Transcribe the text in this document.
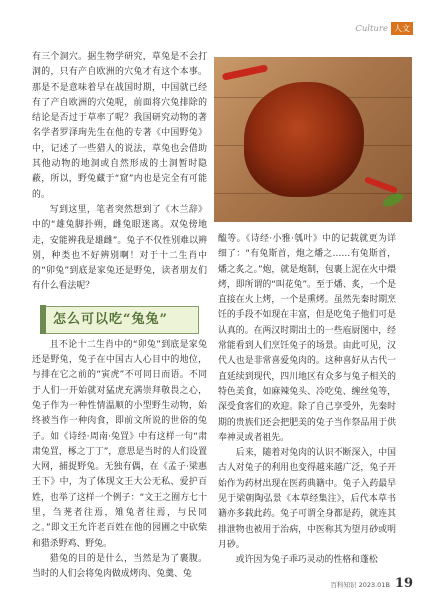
Culture 人文

有三个洞穴。据生物学研究，草兔是不会打洞的，只有产自欧洲的穴兔才有这个本事。那是不是意味着早在战国时期，中国就已经有了产自欧洲的穴兔呢，前面将穴兔排除的结论是否过于草率了呢？我国研究动物的著名学者罗泽珣先生在他的专著《中国野兔》中，记述了一些猎人的说法，草兔也会借助其他动物的地洞或自然形成的土洞暂时隐蔽，所以，野兔藏于“窟”内也是完全有可能的。

写到这里，笔者突然想到了《木兰辞》中的“雄兔脚扑朔，雌兔眼迷离。双兔傍地走，安能辨我是雄雌”。兔子不仅性别难以辨别，种类也不好辨别啊！对于十二生肖中的“卯兔”到底是家兔还是野兔，读者朋友们有什么看法呢？

怎么可以吃“兔兔”

且不论十二生肖中的“卯兔”到底是家兔还是野兔，兔子在中国古人心目中的地位，与排在它之前的“寅虎”不可同日而语。不同于人们一开始就对猛虎充满崇拜敬畏之心，兔子作为一种性情温顺的小型野生动物，始终被当作一种肉食，即前文所说的世俗的兔子。如《诗经·周南·兔罝》中有这样一句“肃肃兔罝，椓之丁丁”，意思是当时的人们设置大网，捕捉野兔。无独有偶，在《孟子·梁惠王下》中，为了体现文王大公无私、爱护百姓，也举了这样一个例子：“文王之囿方七十里，刍荛者往焉，雉兔者往焉，与民同之。”即文王允许老百姓在他的园圃之中砍柴和猎杀野鸡、野兔。

猎兔的目的是什么，当然是为了裹腹。当时的人们会将兔肉做成烤肉、兔羹、兔

醢等。《诗经·小雅·瓠叶》中的记载就更为详细了：“有兔斯首，炮之燔之……有兔斯首，燔之炙之。”炮，就是炮制，包裹上泥在火中煨烤，即所谓的“叫花兔”。至于燔、炙，一个是直接在火上烤，一个是熏烤。虽然先秦时期烹饪的手段不如现在丰富，但是吃兔子他们可是认真的。在两汉时期出土的一些庖厨图中，经常能看到人们烹饪兔子的场景。由此可见，汉代人也是非常喜爱兔肉的。这种喜好从古代一直延续到现代，四川地区有众多与兔子相关的特色美食，如麻辣兔头、冷吃兔、缠丝兔等，深受食客们的欢迎。除了自己享受外，先秦时期的贵族们还会把肥美的兔子当作祭品用于供奉神灵或者祖先。

后来，随着对兔肉的认识不断深入，中国古人对兔子的利用也变得越来越广泛，兔子开始作为药材出现在医药典籍中。兔子入药最早见于梁朝陶弘景《本草经集注》，后代本草书籍亦多载此药。兔子可谓全身都是药，就连其排泄物也被用于治病，中医称其为望月砂或明月砂。

或许因为兔子乖巧灵动的性格和蓬松

百科知识 2023.01B 19
